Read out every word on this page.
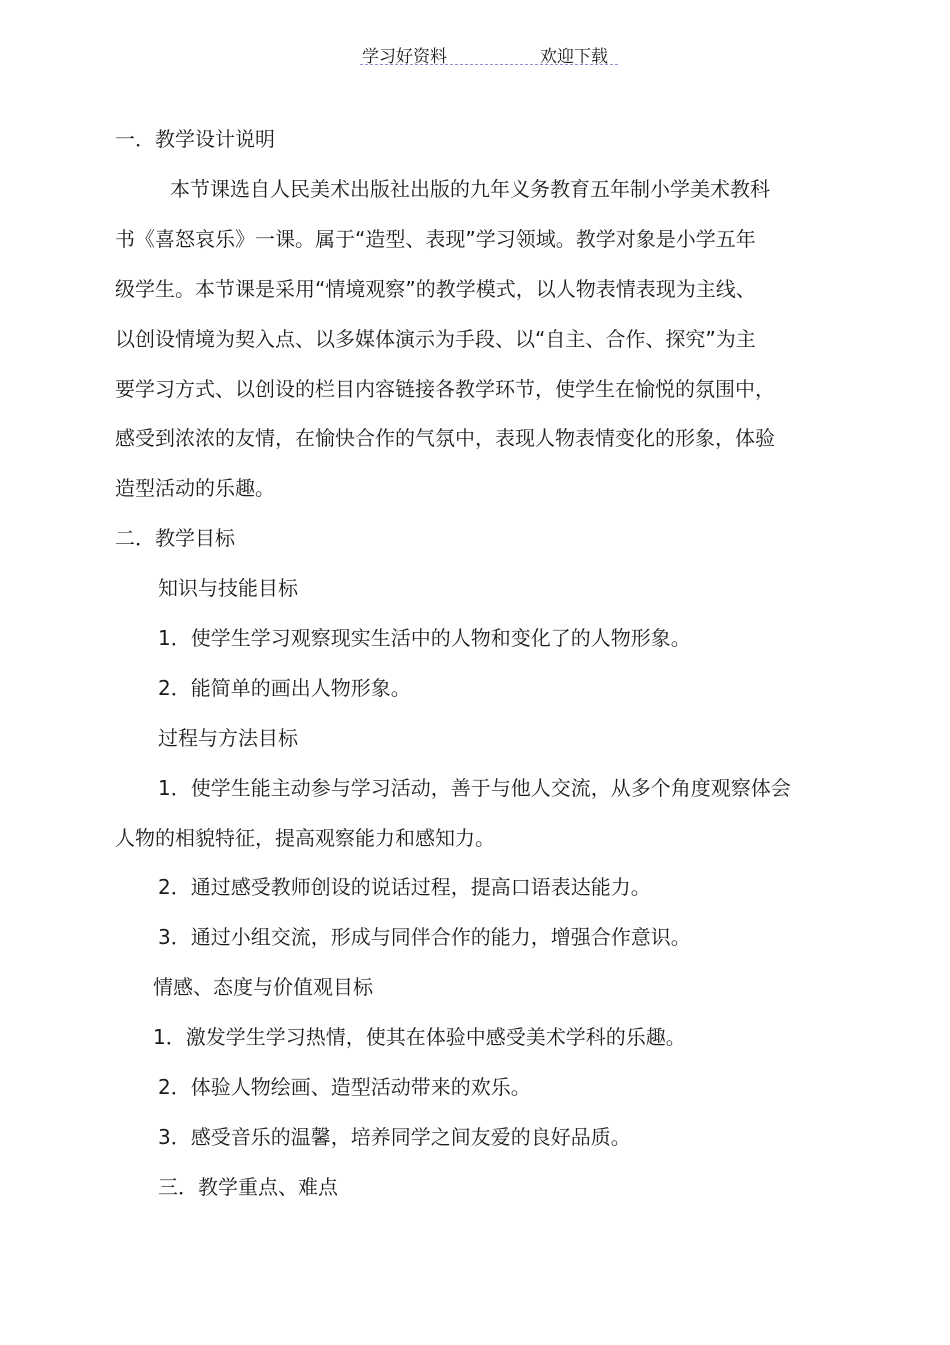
学习好资料	欢迎下载
一．教学设计说明
本节课选自人民美术出版社出版的九年义务教育五年制小学美术教科
书《喜怒哀乐》一课。属于“造型、表现”学习领域。教学对象是小学五年
级学生。本节课是采用“情境观察”的教学模式，以人物表情表现为主线、
以创设情境为契入点、以多媒体演示为手段、以“自主、合作、探究”为主
要学习方式、以创设的栏目内容链接各教学环节，使学生在愉悦的氛围中，
感受到浓浓的友情，在愉快合作的气氛中，表现人物表情变化的形象，体验
造型活动的乐趣。
二．教学目标
知识与技能目标
1．使学生学习观察现实生活中的人物和变化了的人物形象。
2．能简单的画出人物形象。
过程与方法目标
1．使学生能主动参与学习活动，善于与他人交流，从多个角度观察体会
人物的相貌特征，提高观察能力和感知力。
2．通过感受教师创设的说话过程，提高口语表达能力。
3．通过小组交流，形成与同伴合作的能力，增强合作意识。
情感、态度与价值观目标
1．激发学生学习热情，使其在体验中感受美术学科的乐趣。
2．体验人物绘画、造型活动带来的欢乐。
3．感受音乐的温馨，培养同学之间友爱的良好品质。
三．教学重点、难点
